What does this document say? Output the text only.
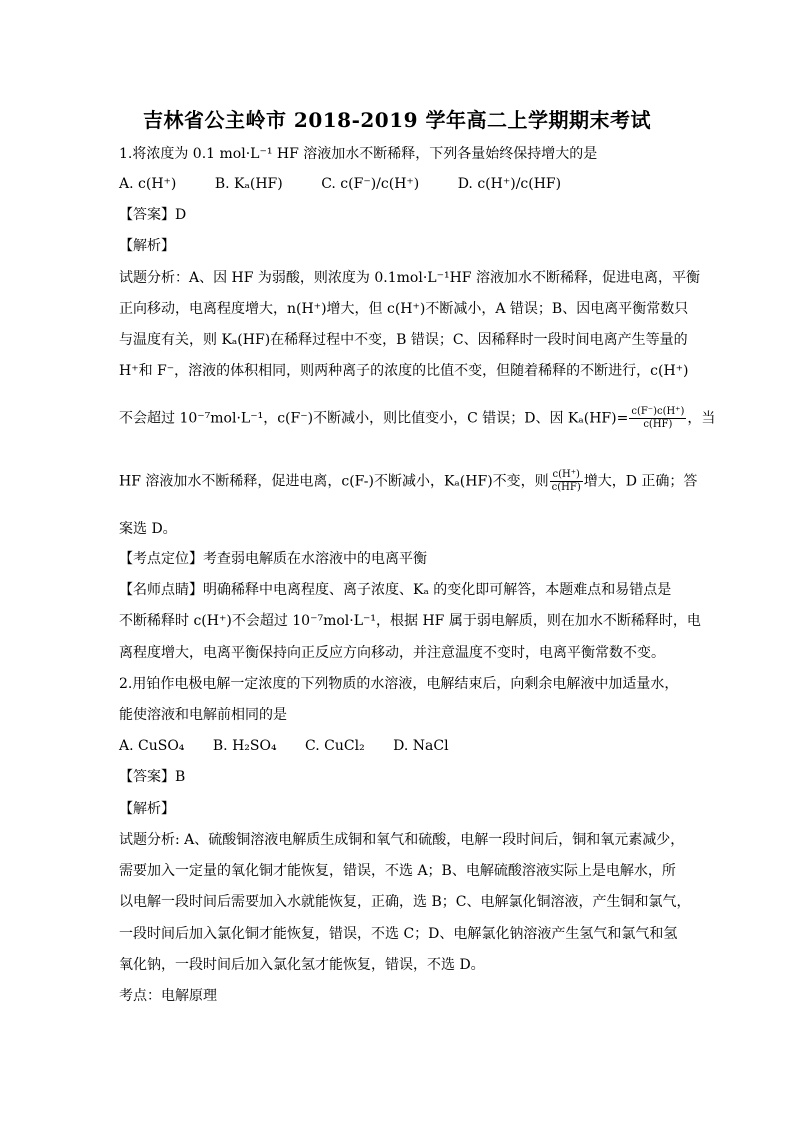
吉林省公主岭市 2018-2019 学年高二上学期期末考试
1.将浓度为 0.1 mol·L⁻¹ HF 溶液加水不断稀释，下列各量始终保持增大的是
A. c(H⁺)	B. Kₐ(HF)	C. c(F⁻)/c(H⁺)	D. c(H⁺)/c(HF)
【答案】D
【解析】
试题分析：A、因 HF 为弱酸，则浓度为 0.1mol·L⁻¹HF 溶液加水不断稀释，促进电离，平衡
正向移动，电离程度增大，n(H⁺)增大，但 c(H⁺)不断减小，A 错误；B、因电离平衡常数只
与温度有关，则 Kₐ(HF)在稀释过程中不变，B 错误；C、因稀释时一段时间电离产生等量的
H⁺和 F⁻，溶液的体积相同，则两种离子的浓度的比值不变，但随着稀释的不断进行，c(H⁺)
不会超过 10⁻⁷mol·L⁻¹，c(F⁻)不断减小，则比值变小，C 错误；D、因 $K_a(HF)= \frac{c(F^-)c(H^+)}{c(HF)}$ ，当
HF 溶液加水不断稀释，促进电离，c(F-)不断减小，Kₐ(HF)不变，则 $\frac{c(H^+)}{c(HF)}$ 增大，D 正确；答
案选 D。
【考点定位】考查弱电解质在水溶液中的电离平衡
【名师点睛】明确稀释中电离程度、离子浓度、Kₐ 的变化即可解答，本题难点和易错点是
不断稀释时 c(H⁺)不会超过 10⁻⁷mol·L⁻¹，根据 HF 属于弱电解质，则在加水不断稀释时，电
离程度增大，电离平衡保持向正反应方向移动，并注意温度不变时，电离平衡常数不变。
2.用铂作电极电解一定浓度的下列物质的水溶液，电解结束后，向剩余电解液中加适量水，
能使溶液和电解前相同的是
A. CuSO₄ B. H₂SO₄ C. CuCl₂ D. NaCl
【答案】B
【解析】
试题分析: A、硫酸铜溶液电解质生成铜和氧气和硫酸，电解一段时间后，铜和氧元素减少，
需要加入一定量的氧化铜才能恢复，错误，不选 A；B、电解硫酸溶液实际上是电解水，所
以电解一段时间后需要加入水就能恢复，正确，选 B；C、电解氯化铜溶液，产生铜和氯气，
一段时间后加入氯化铜才能恢复，错误，不选 C；D、电解氯化钠溶液产生氢气和氯气和氢
氧化钠，一段时间后加入氯化氢才能恢复，错误，不选 D。
考点：电解原理
